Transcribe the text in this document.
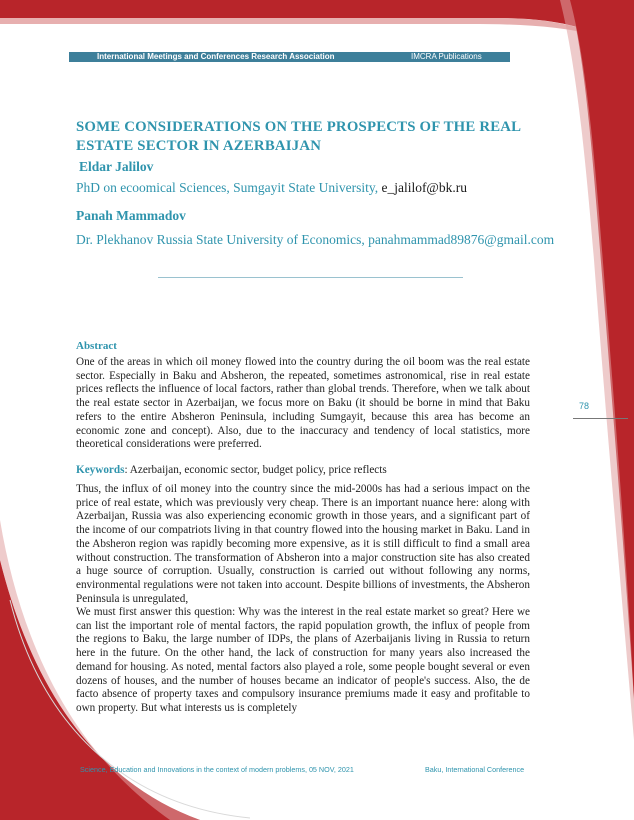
International Meetings and Conferences Research Association	IMCRA Publications
SOME CONSIDERATIONS ON THE PROSPECTS OF THE REAL ESTATE SECTOR IN AZERBAIJAN
Eldar Jalilov
PhD on ecoomical Sciences, Sumgayit State University, e_jalilof@bk.ru
Panah Mammadov
Dr. Plekhanov Russia State University of Economics, panahmammad89876@gmail.com
Abstract

One of the areas in which oil money flowed into the country during the oil boom was the real estate sector. Especially in Baku and Absheron, the repeated, sometimes astronomical, rise in real estate prices reflects the influence of local factors, rather than global trends. Therefore, when we talk about the real estate sector in Azerbaijan, we focus more on Baku (it should be borne in mind that Baku refers to the entire Absheron Peninsula, including Sumgayit, because this area has become an economic zone and concept). Also, due to the inaccuracy and tendency of local statistics, more theoretical considerations were preferred.

Keywords: Azerbaijan, economic sector, budget policy, price reflects

Thus, the influx of oil money into the country since the mid-2000s has had a serious impact on the price of real estate, which was previously very cheap. There is an important nuance here: along with Azerbaijan, Russia was also experiencing economic growth in those years, and a significant part of the income of our compatriots living in that country flowed into the housing market in Baku. Land in the Absheron region was rapidly becoming more expensive, as it is still difficult to find a small area without construction. The transformation of Absheron into a major construction site has also created a huge source of corruption. Usually, construction is carried out without following any norms, environmental regulations were not taken into account. Despite billions of investments, the Absheron Peninsula is unregulated,

We must first answer this question: Why was the interest in the real estate market so great? Here we can list the important role of mental factors, the rapid population growth, the influx of people from the regions to Baku, the large number of IDPs, the plans of Azerbaijanis living in Russia to return here in the future. On the other hand, the lack of construction for many years also increased the demand for housing. As noted, mental factors also played a role, some people bought several or even dozens of houses, and the number of houses became an indicator of people's success. Also, the de facto absence of property taxes and compulsory insurance premiums made it easy and profitable to own property. But what interests us is completely

78
Science, Education and Innovations in the context of modern problems, 05 NOV, 2021	Baku, International Conference
